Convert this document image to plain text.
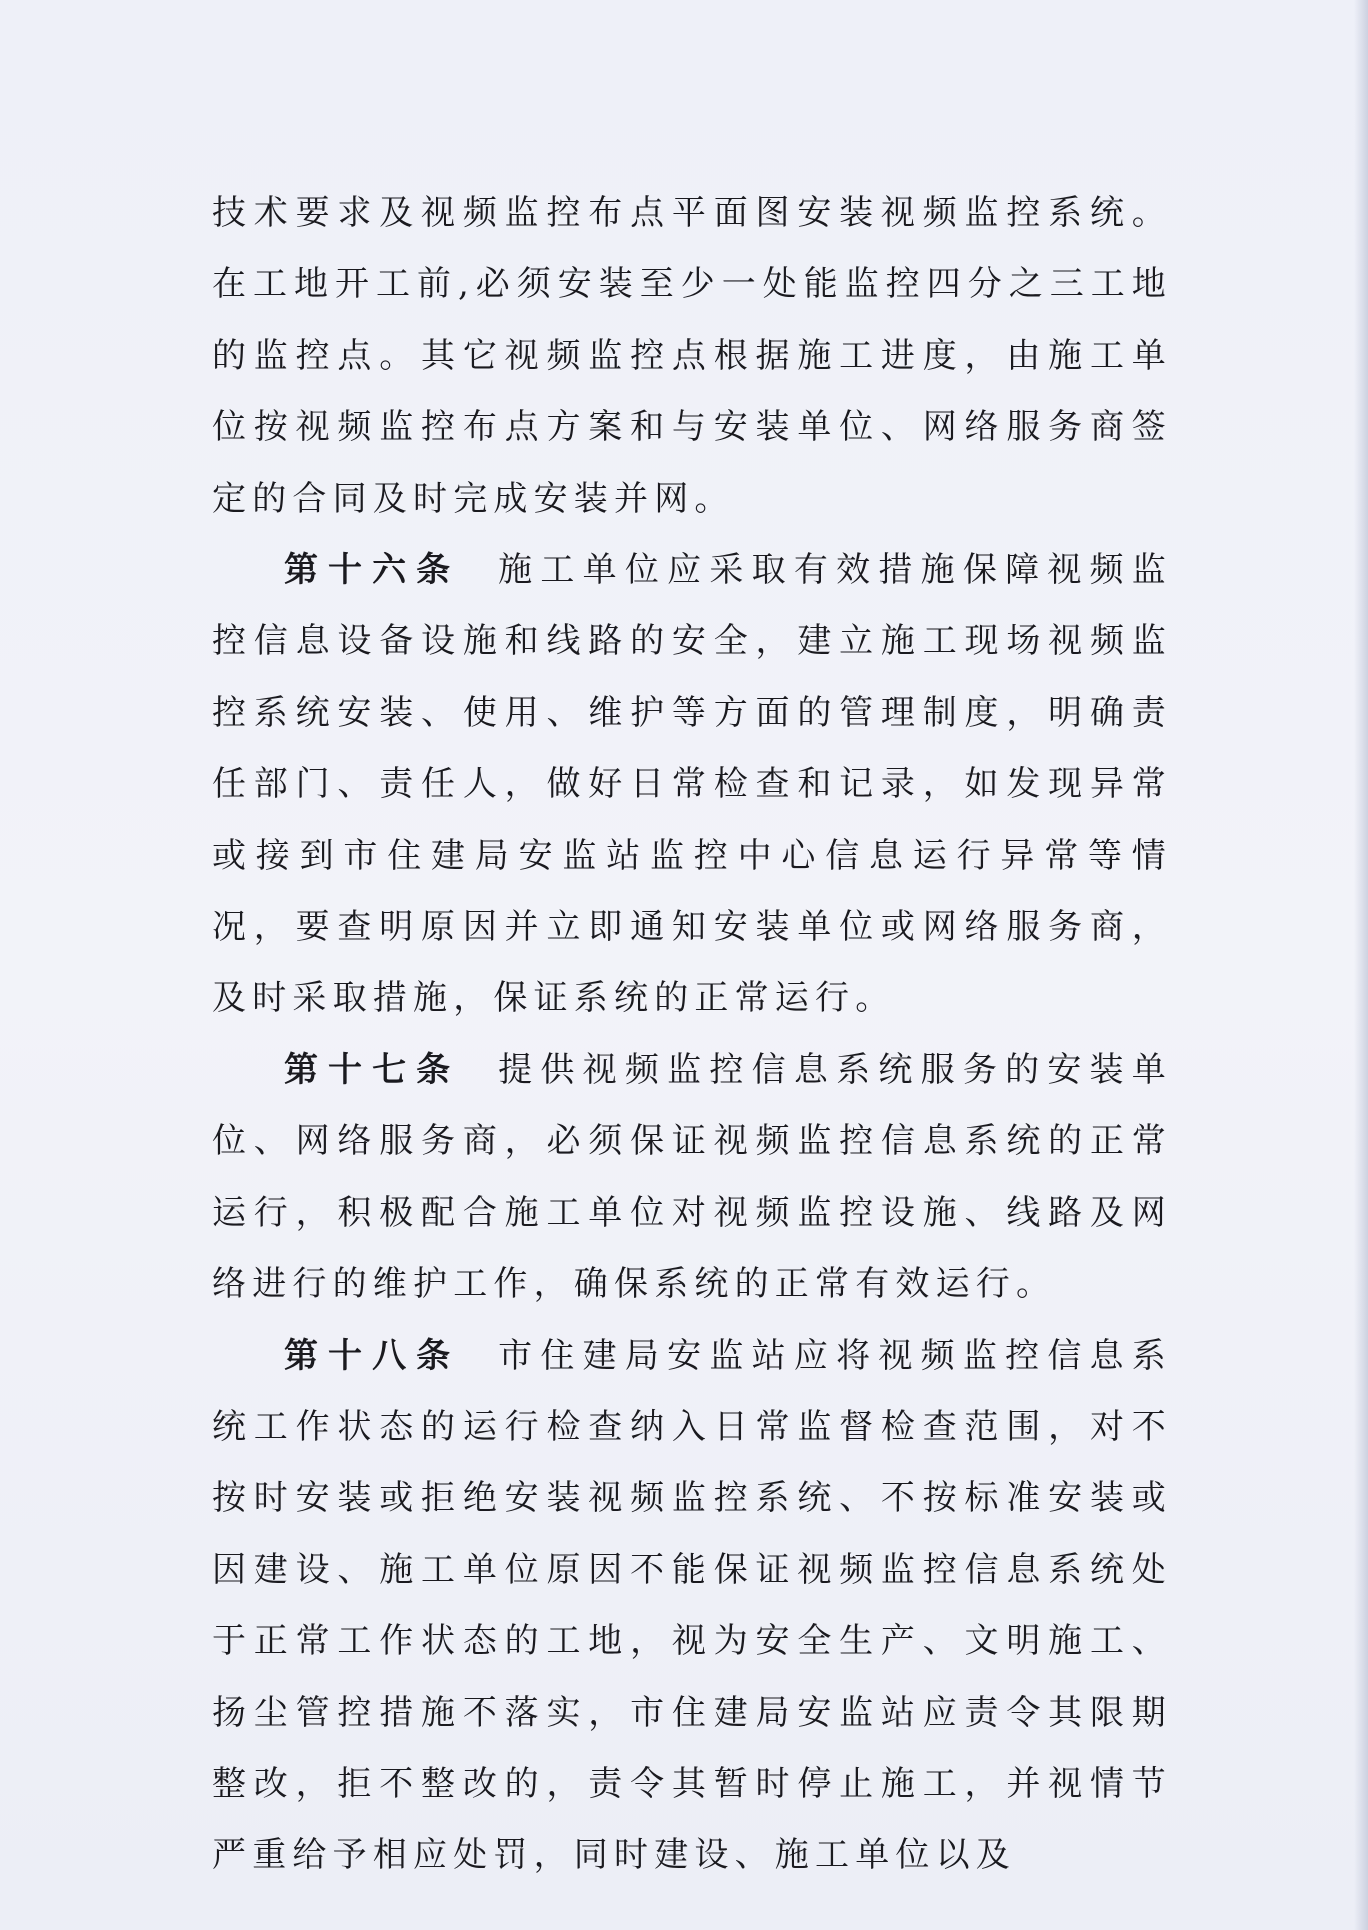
技术要求及视频监控布点平面图安装视频监控系统。在工地开工前,必须安装至少一处能监控四分之三工地的监控点。其它视频监控点根据施工进度，由施工单位按视频监控布点方案和与安装单位、网络服务商签定的合同及时完成安装并网。

第十六条 施工单位应采取有效措施保障视频监控信息设备设施和线路的安全，建立施工现场视频监控系统安装、使用、维护等方面的管理制度，明确责任部门、责任人，做好日常检查和记录，如发现异常或接到市住建局安监站监控中心信息运行异常等情况，要查明原因并立即通知安装单位或网络服务商，及时采取措施，保证系统的正常运行。

第十七条 提供视频监控信息系统服务的安装单位、网络服务商，必须保证视频监控信息系统的正常运行，积极配合施工单位对视频监控设施、线路及网络进行的维护工作，确保系统的正常有效运行。

第十八条 市住建局安监站应将视频监控信息系统工作状态的运行检查纳入日常监督检查范围，对不按时安装或拒绝安装视频监控系统、不按标准安装或因建设、施工单位原因不能保证视频监控信息系统处于正常工作状态的工地，视为安全生产、文明施工、扬尘管控措施不落实，市住建局安监站应责令其限期整改，拒不整改的，责令其暂时停止施工，并视情节严重给予相应处罚，同时建设、施工单位以及
